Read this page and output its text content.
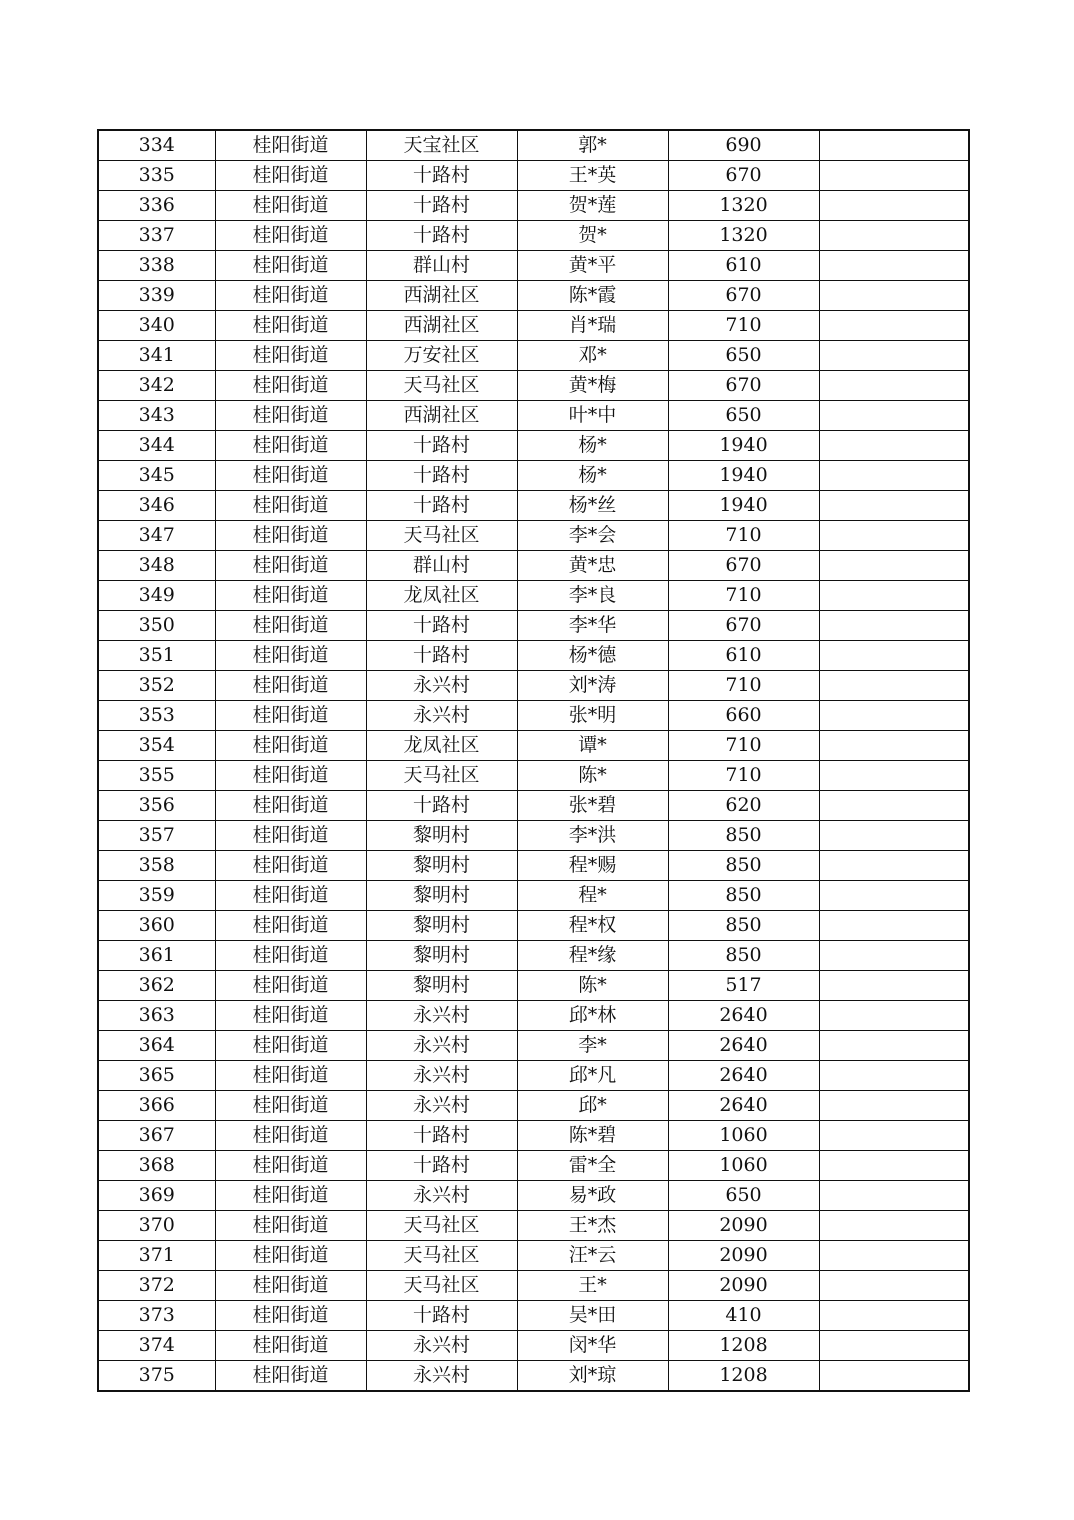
334	桂阳街道	天宝社区	郭*	690	
335	桂阳街道	十路村	王*英	670	
336	桂阳街道	十路村	贺*莲	1320	
337	桂阳街道	十路村	贺*	1320	
338	桂阳街道	群山村	黄*平	610	
339	桂阳街道	西湖社区	陈*霞	670	
340	桂阳街道	西湖社区	肖*瑞	710	
341	桂阳街道	万安社区	邓*	650	
342	桂阳街道	天马社区	黄*梅	670	
343	桂阳街道	西湖社区	叶*中	650	
344	桂阳街道	十路村	杨*	1940	
345	桂阳街道	十路村	杨*	1940	
346	桂阳街道	十路村	杨*丝	1940	
347	桂阳街道	天马社区	李*会	710	
348	桂阳街道	群山村	黄*忠	670	
349	桂阳街道	龙凤社区	李*良	710	
350	桂阳街道	十路村	李*华	670	
351	桂阳街道	十路村	杨*德	610	
352	桂阳街道	永兴村	刘*涛	710	
353	桂阳街道	永兴村	张*明	660	
354	桂阳街道	龙凤社区	谭*	710	
355	桂阳街道	天马社区	陈*	710	
356	桂阳街道	十路村	张*碧	620	
357	桂阳街道	黎明村	李*洪	850	
358	桂阳街道	黎明村	程*赐	850	
359	桂阳街道	黎明村	程*	850	
360	桂阳街道	黎明村	程*权	850	
361	桂阳街道	黎明村	程*缘	850	
362	桂阳街道	黎明村	陈*	517	
363	桂阳街道	永兴村	邱*林	2640	
364	桂阳街道	永兴村	李*	2640	
365	桂阳街道	永兴村	邱*凡	2640	
366	桂阳街道	永兴村	邱*	2640	
367	桂阳街道	十路村	陈*碧	1060	
368	桂阳街道	十路村	雷*全	1060	
369	桂阳街道	永兴村	易*政	650	
370	桂阳街道	天马社区	王*杰	2090	
371	桂阳街道	天马社区	汪*云	2090	
372	桂阳街道	天马社区	王*	2090	
373	桂阳街道	十路村	吴*田	410	
374	桂阳街道	永兴村	闵*华	1208	
375	桂阳街道	永兴村	刘*琼	1208	
